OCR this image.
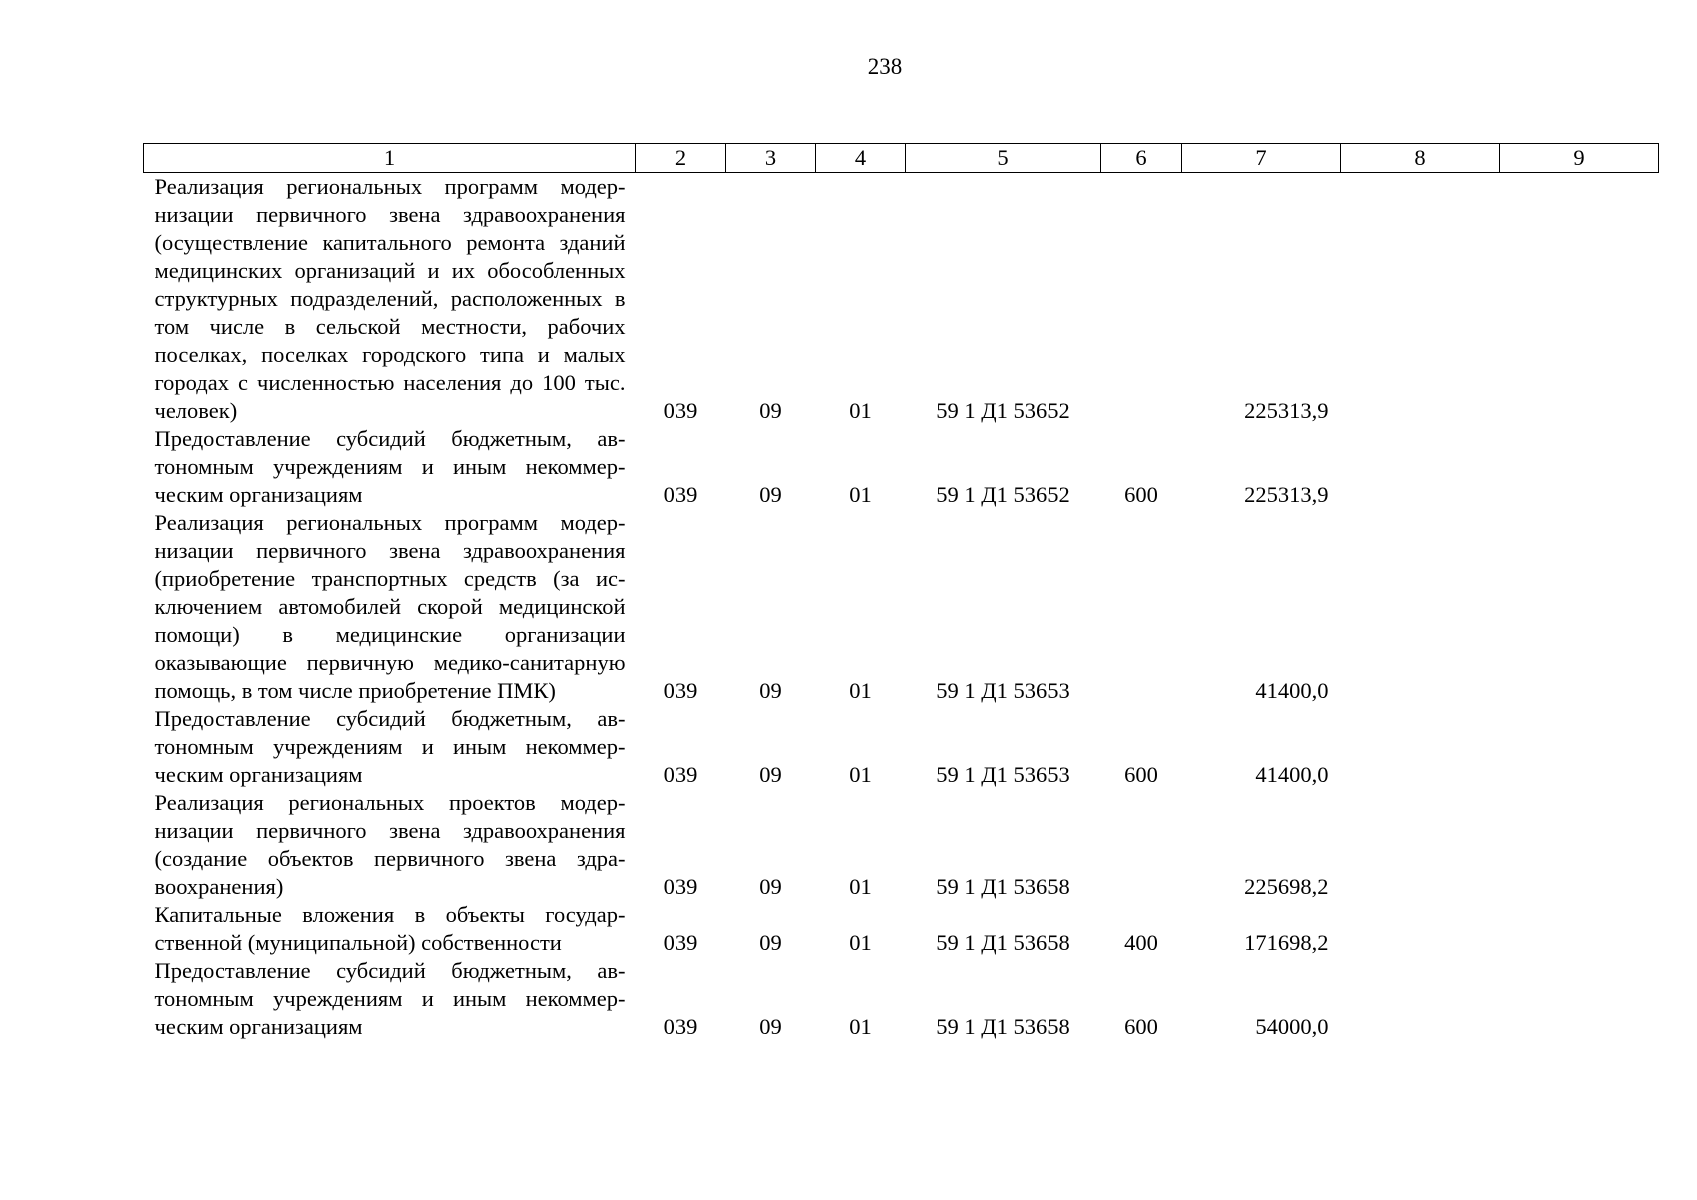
238
1	2	3	4	5	6	7	8	9
Реализация региональных программ модернизации первичного звена здравоохранения (осуществление капитального ремонта зданий медицинских организаций и их обособленных структурных подразделений, расположенных в том числе в сельской местности, рабочих поселках, поселках городского типа и малых городах с численностью населения до 100 тыс. человек)	039	09	01	59 1 Д1 53652		225313,9		
Предоставление субсидий бюджетным, автономным учреждениям и иным некоммерческим организациям	039	09	01	59 1 Д1 53652	600	225313,9		
Реализация региональных программ модернизации первичного звена здравоохранения (приобретение транспортных средств (за исключением автомобилей скорой медицинской помощи) в медицинские организации оказывающие первичную медико-санитарную помощь, в том числе приобретение ПМК)	039	09	01	59 1 Д1 53653		41400,0		
Предоставление субсидий бюджетным, автономным учреждениям и иным некоммерческим организациям	039	09	01	59 1 Д1 53653	600	41400,0		
Реализация региональных проектов модернизации первичного звена здравоохранения (создание объектов первичного звена здравоохранения)	039	09	01	59 1 Д1 53658		225698,2		
Капитальные вложения в объекты государственной (муниципальной) собственности	039	09	01	59 1 Д1 53658	400	171698,2		
Предоставление субсидий бюджетным, автономным учреждениям и иным некоммерческим организациям	039	09	01	59 1 Д1 53658	600	54000,0		
